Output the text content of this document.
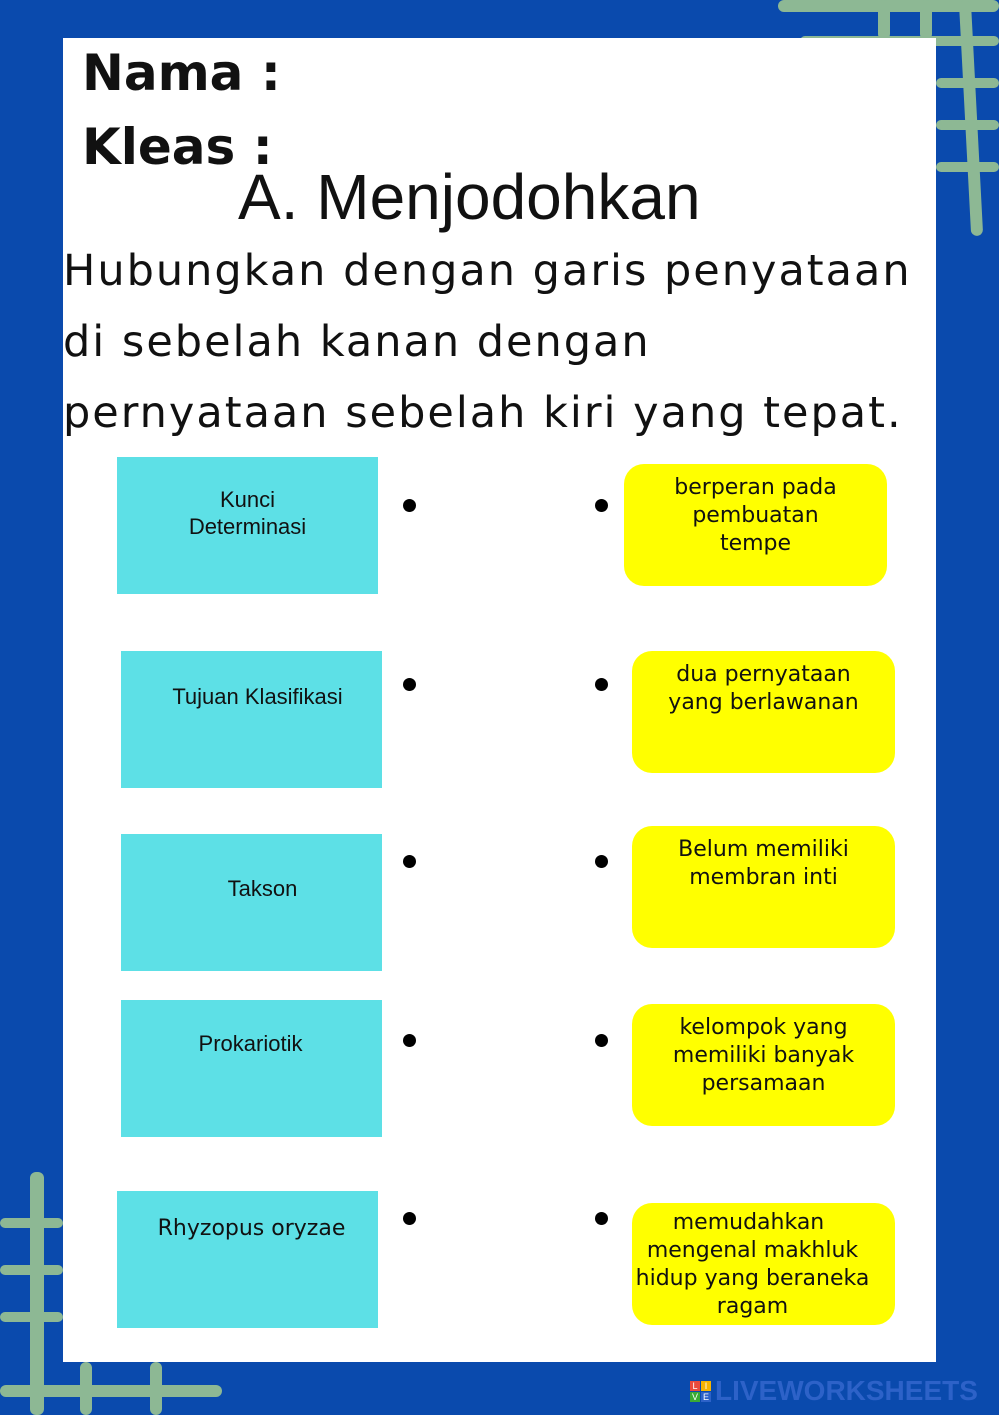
Nama :
Kleas :
A. Menjodohkan
Hubungkan dengan garis penyataan
di sebelah kanan dengan
pernyataan sebelah kiri yang tepat.
Kunci
Determinasi
Tujuan Klasifikasi
Takson
Prokariotik
Rhyzopus oryzae
berperan pada
pembuatan
tempe
dua pernyataan
yang berlawanan
Belum memiliki
membran inti
kelompok yang
memiliki banyak
persamaan
memudahkan
mengenal makhluk
hidup yang beraneka
ragam
L I
V E LIVEWORKSHEETS
